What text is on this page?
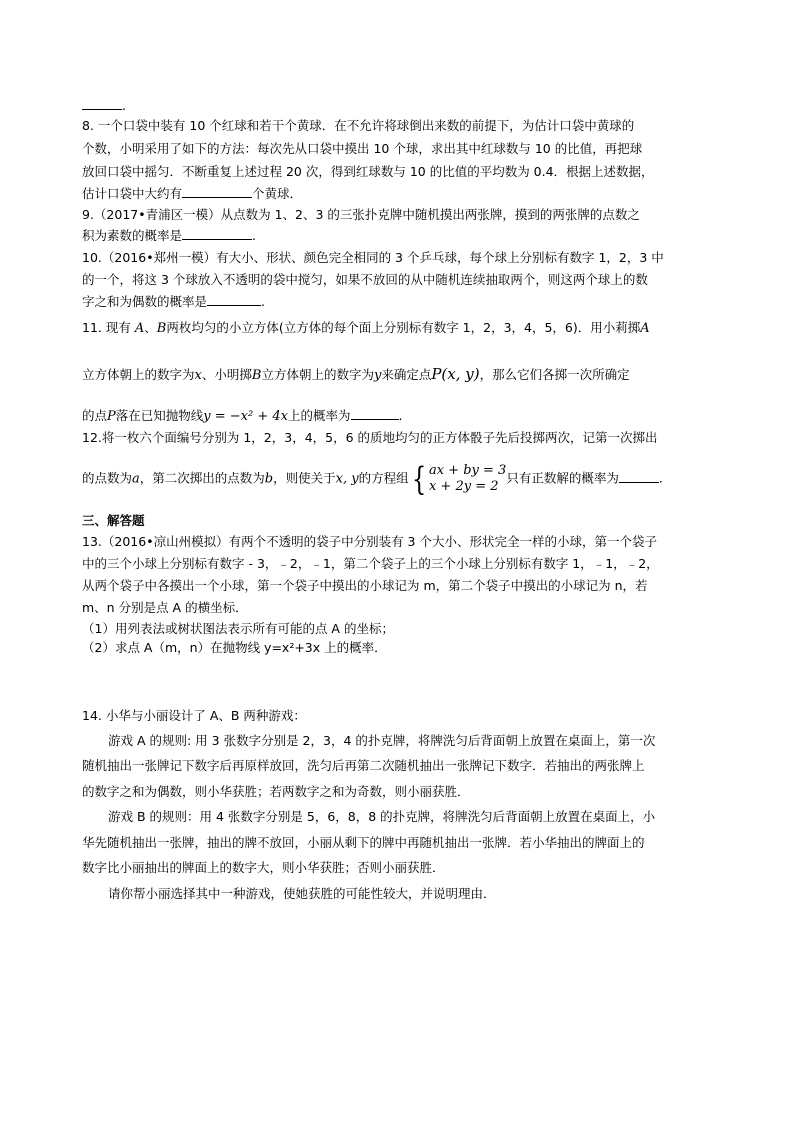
.
8. 一个口袋中装有 10 个红球和若干个黄球．在不允许将球倒出来数的前提下，为估计口袋中黄球的
个数，小明采用了如下的方法：每次先从口袋中摸出 10 个球，求出其中红球数与 10 的比值，再把球
放回口袋中摇匀．不断重复上述过程 20 次，得到红球数与 10 的比值的平均数为 0.4．根据上述数据，
估计口袋中大约有	个黄球．
9.（2017•青浦区一模）从点数为 1、2、3 的三张扑克牌中随机摸出两张牌，摸到的两张牌的点数之
积为素数的概率是	.
10.（2016•郑州一模）有大小、形状、颜色完全相同的 3 个乒乓球，每个球上分别标有数字 1，2，3 中
的一个，将这 3 个球放入不透明的袋中搅匀，如果不放回的从中随机连续抽取两个，则这两个球上的数
字之和为偶数的概率是	.
11. 现有 A、B两枚均匀的小立方体(立方体的每个面上分别标有数字 1，2，3，4，5，6)．用小莉掷A
立方体朝上的数字为x、小明掷B立方体朝上的数字为y来确定点P(x, y)，那么它们各掷一次所确定
的点P落在已知抛物线y = −x² + 4x上的概率为	.
12.将一枚六个面编号分别为 1，2，3，4，5，6 的质地均匀的正方体骰子先后投掷两次，记第一次掷出
的点数为a，第二次掷出的点数为b，则使关于x, y的方程组{ ax + by = 3
x + 2y = 2只有正数解的概率为	.
三、解答题
13.（2016•凉山州模拟）有两个不透明的袋子中分别装有 3 个大小、形状完全一样的小球，第一个袋子
中的三个小球上分别标有数字 - 3，﹣2，﹣1，第二个袋子上的三个小球上分别标有数字 1，﹣1，﹣2，
从两个袋子中各摸出一个小球，第一个袋子中摸出的小球记为 m，第二个袋子中摸出的小球记为 n，若
m、n 分别是点 A 的横坐标．
（1）用列表法或树状图法表示所有可能的点 A 的坐标；
（2）求点 A（m，n）在抛物线 y=x²+3x 上的概率．
14. 小华与小丽设计了 A、B 两种游戏：
游戏 A 的规则: 用 3 张数字分别是 2，3，4 的扑克牌，将牌洗匀后背面朝上放置在桌面上，第一次
随机抽出一张牌记下数字后再原样放回，洗匀后再第二次随机抽出一张牌记下数字．若抽出的两张牌上
的数字之和为偶数，则小华获胜；若两数字之和为奇数，则小丽获胜．
游戏 B 的规则：用 4 张数字分别是 5，6，8，8 的扑克牌，将牌洗匀后背面朝上放置在桌面上，小
华先随机抽出一张牌，抽出的牌不放回，小丽从剩下的牌中再随机抽出一张牌．若小华抽出的牌面上的
数字比小丽抽出的牌面上的数字大，则小华获胜；否则小丽获胜．
请你帮小丽选择其中一种游戏，使她获胜的可能性较大，并说明理由．
